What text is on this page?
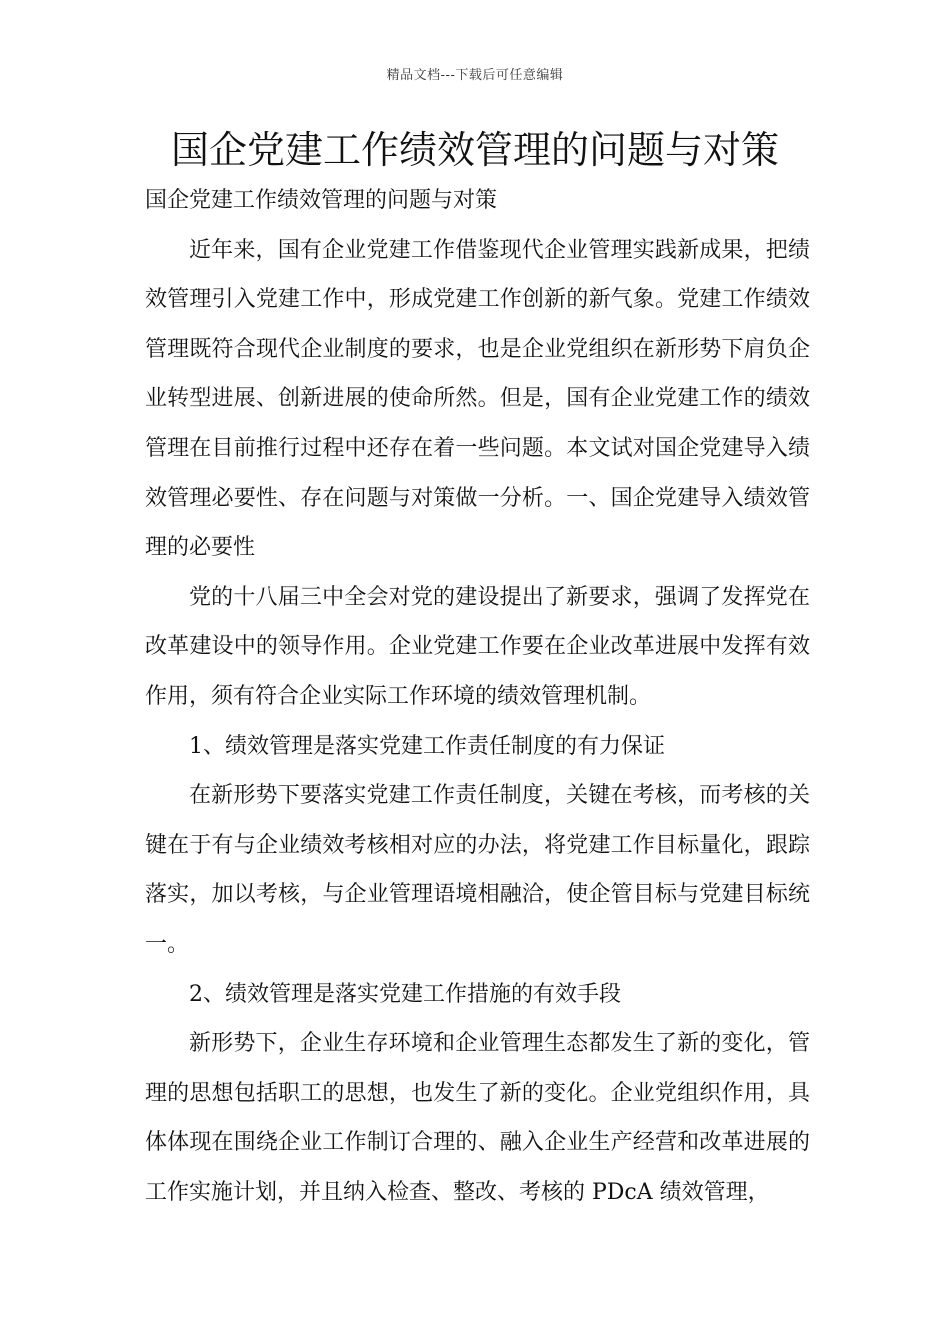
精品文档---下载后可任意编辑
国企党建工作绩效管理的问题与对策

国企党建工作绩效管理的问题与对策

近年来，国有企业党建工作借鉴现代企业管理实践新成果，把绩效管理引入党建工作中，形成党建工作创新的新气象。党建工作绩效管理既符合现代企业制度的要求，也是企业党组织在新形势下肩负企业转型进展、创新进展的使命所然。但是，国有企业党建工作的绩效管理在目前推行过程中还存在着一些问题。本文试对国企党建导入绩效管理必要性、存在问题与对策做一分析。一、国企党建导入绩效管理的必要性

党的十八届三中全会对党的建设提出了新要求，强调了发挥党在改革建设中的领导作用。企业党建工作要在企业改革进展中发挥有效作用，须有符合企业实际工作环境的绩效管理机制。

1、绩效管理是落实党建工作责任制度的有力保证

在新形势下要落实党建工作责任制度，关键在考核，而考核的关键在于有与企业绩效考核相对应的办法，将党建工作目标量化，跟踪落实，加以考核，与企业管理语境相融洽，使企管目标与党建目标统一。

2、绩效管理是落实党建工作措施的有效手段

新形势下，企业生存环境和企业管理生态都发生了新的变化，管理的思想包括职工的思想，也发生了新的变化。企业党组织作用，具体体现在围绕企业工作制订合理的、融入企业生产经营和改革进展的工作实施计划，并且纳入检查、整改、考核的 PDcA 绩效管理，
